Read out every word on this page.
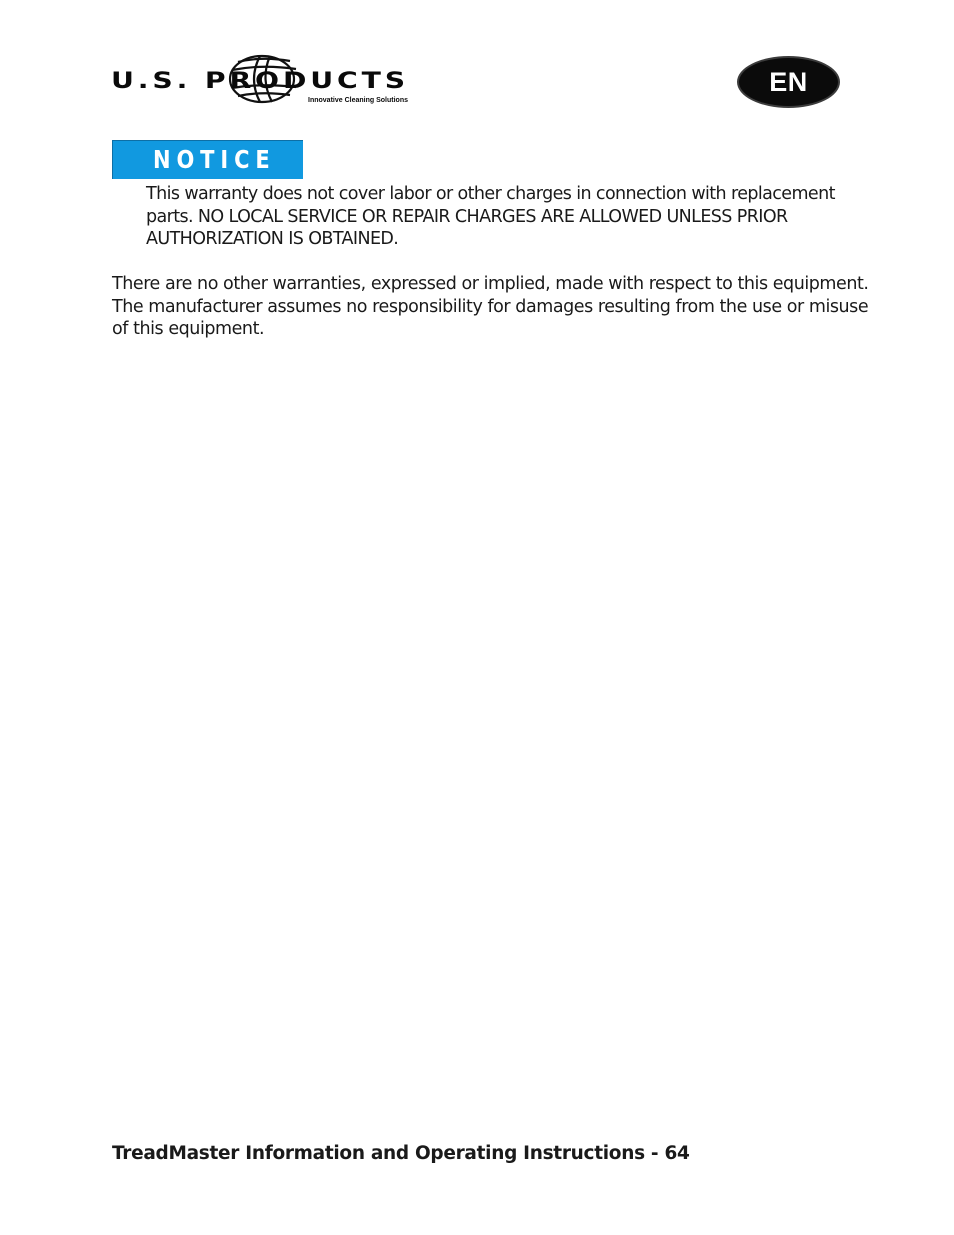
U.S. PRODUCTS
Innovative Cleaning Solutions
EN
NOTICE

This warranty does not cover labor or other charges in connection with replacement parts. NO LOCAL SERVICE OR REPAIR CHARGES ARE ALLOWED UNLESS PRIOR AUTHORIZATION IS OBTAINED.

There are no other warranties, expressed or implied, made with respect to this equipment. The manufacturer assumes no responsibility for damages resulting from the use or misuse of this equipment.

TreadMaster Information and Operating Instructions - 64
